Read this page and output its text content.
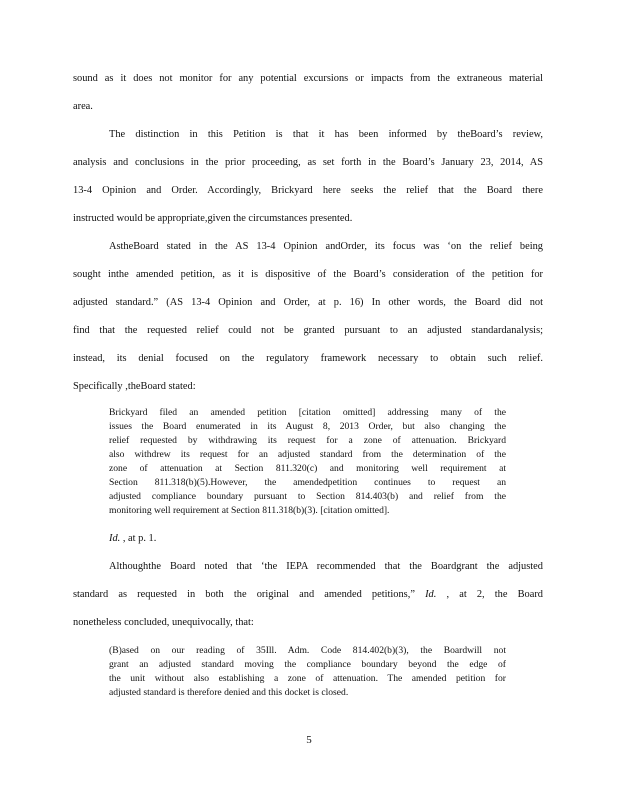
sound as it does not monitor for any potential excursions or impacts from the extraneous material
area.
The distinction in this Petition is that it has been informed by theBoard’s review,
analysis and conclusions in the prior proceeding, as set forth in the Board’s January 23, 2014, AS
13-4 Opinion and Order. Accordingly, Brickyard here seeks the relief that the Board there
instructed would be appropriate,given the circumstances presented.
AstheBoard stated in the AS 13-4 Opinion andOrder, its focus was ‘on the relief being
sought inthe amended petition, as it is dispositive of the Board’s consideration of the petition for
adjusted standard.” (AS 13-4 Opinion and Order, at p. 16) In other words, the Board did not
find that the requested relief could not be granted pursuant to an adjusted standardanalysis;
instead, its denial focused on the regulatory framework necessary to obtain such relief.
Specifically ,theBoard stated:
Brickyard filed an amended petition [citation omitted] addressing many of the
issues the Board enumerated in its August 8, 2013 Order, but also changing the
relief requested by withdrawing its request for a zone of attenuation. Brickyard
also withdrew its request for an adjusted standard from the determination of the
zone of attenuation at Section 811.320(c) and monitoring well requirement at
Section 811.318(b)(5).However, the amendedpetition continues to request an
adjusted compliance boundary pursuant to Section 814.403(b) and relief from the
monitoring well requirement at Section 811.318(b)(3). [citation omitted].
Id. , at p. 1.
Althoughthe Board noted that ‘the IEPA recommended that the Boardgrant the adjusted
standard as requested in both the original and amended petitions,” Id. , at 2, the Board
nonetheless concluded, unequivocally, that:
(B)ased on our reading of 35Ill. Adm. Code 814.402(b)(3), the Boardwill not
grant an adjusted standard moving the compliance boundary beyond the edge of
the unit without also establishing a zone of attenuation. The amended petition for
adjusted standard is therefore denied and this docket is closed.
5
